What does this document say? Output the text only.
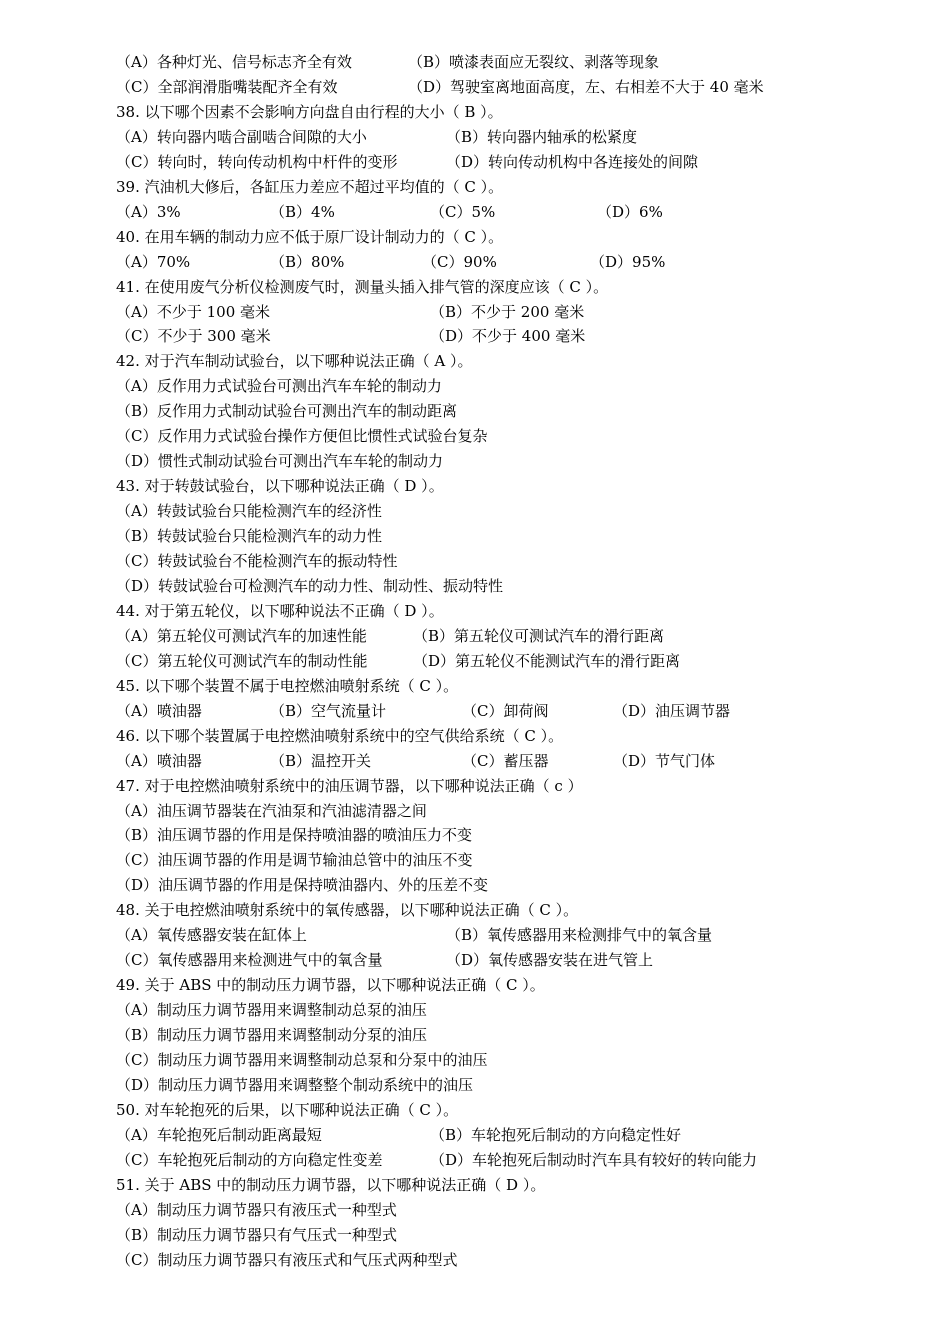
（A）各种灯光、信号标志齐全有效	（B）喷漆表面应无裂纹、剥落等现象
（C）全部润滑脂嘴装配齐全有效	（D）驾驶室离地面高度，左、右相差不大于 40 毫米
38. 以下哪个因素不会影响方向盘自由行程的大小（ B ）。
（A）转向器内啮合副啮合间隙的大小	（B）转向器内轴承的松紧度
（C）转向时，转向传动机构中杆件的变形	（D）转向传动机构中各连接处的间隙
39. 汽油机大修后，各缸压力差应不超过平均值的（ C ）。
（A）3%	（B）4%	（C）5%	（D）6%
40. 在用车辆的制动力应不低于原厂设计制动力的（ C ）。
（A）70%	（B）80%	（C）90%	（D）95%
41. 在使用废气分析仪检测废气时，测量头插入排气管的深度应该（ C ）。
（A）不少于 100 毫米	（B）不少于 200 毫米
（C）不少于 300 毫米	（D）不少于 400 毫米
42. 对于汽车制动试验台，以下哪种说法正确（ A ）。
（A）反作用力式试验台可测出汽车车轮的制动力
（B）反作用力式制动试验台可测出汽车的制动距离
（C）反作用力式试验台操作方便但比惯性式试验台复杂
（D）惯性式制动试验台可测出汽车车轮的制动力
43. 对于转鼓试验台，以下哪种说法正确（ D ）。
（A）转鼓试验台只能检测汽车的经济性
（B）转鼓试验台只能检测汽车的动力性
（C）转鼓试验台不能检测汽车的振动特性
（D）转鼓试验台可检测汽车的动力性、制动性、振动特性
44. 对于第五轮仪，以下哪种说法不正确（ D ）。
（A）第五轮仪可测试汽车的加速性能	（B）第五轮仪可测试汽车的滑行距离
（C）第五轮仪可测试汽车的制动性能	（D）第五轮仪不能测试汽车的滑行距离
45. 以下哪个装置不属于电控燃油喷射系统（ C ）。
（A）喷油器	（B）空气流量计	（C）卸荷阀	（D）油压调节器
46. 以下哪个装置属于电控燃油喷射系统中的空气供给系统（ C ）。
（A）喷油器	（B）温控开关	（C）蓄压器	（D）节气门体
47. 对于电控燃油喷射系统中的油压调节器，以下哪种说法正确（ c ）
（A）油压调节器装在汽油泵和汽油滤清器之间
（B）油压调节器的作用是保持喷油器的喷油压力不变
（C）油压调节器的作用是调节输油总管中的油压不变
（D）油压调节器的作用是保持喷油器内、外的压差不变
48. 关于电控燃油喷射系统中的氧传感器，以下哪种说法正确（ C ）。
（A）氧传感器安装在缸体上	（B）氧传感器用来检测排气中的氧含量
（C）氧传感器用来检测进气中的氧含量	（D）氧传感器安装在进气管上
49. 关于 ABS 中的制动压力调节器，以下哪种说法正确（ C ）。
（A）制动压力调节器用来调整制动总泵的油压
（B）制动压力调节器用来调整制动分泵的油压
（C）制动压力调节器用来调整制动总泵和分泵中的油压
（D）制动压力调节器用来调整整个制动系统中的油压
50. 对车轮抱死的后果，以下哪种说法正确（ C ）。
（A）车轮抱死后制动距离最短	（B）车轮抱死后制动的方向稳定性好
（C）车轮抱死后制动的方向稳定性变差	（D）车轮抱死后制动时汽车具有较好的转向能力
51. 关于 ABS 中的制动压力调节器，以下哪种说法正确（ D ）。
（A）制动压力调节器只有液压式一种型式
（B）制动压力调节器只有气压式一种型式
（C）制动压力调节器只有液压式和气压式两种型式
